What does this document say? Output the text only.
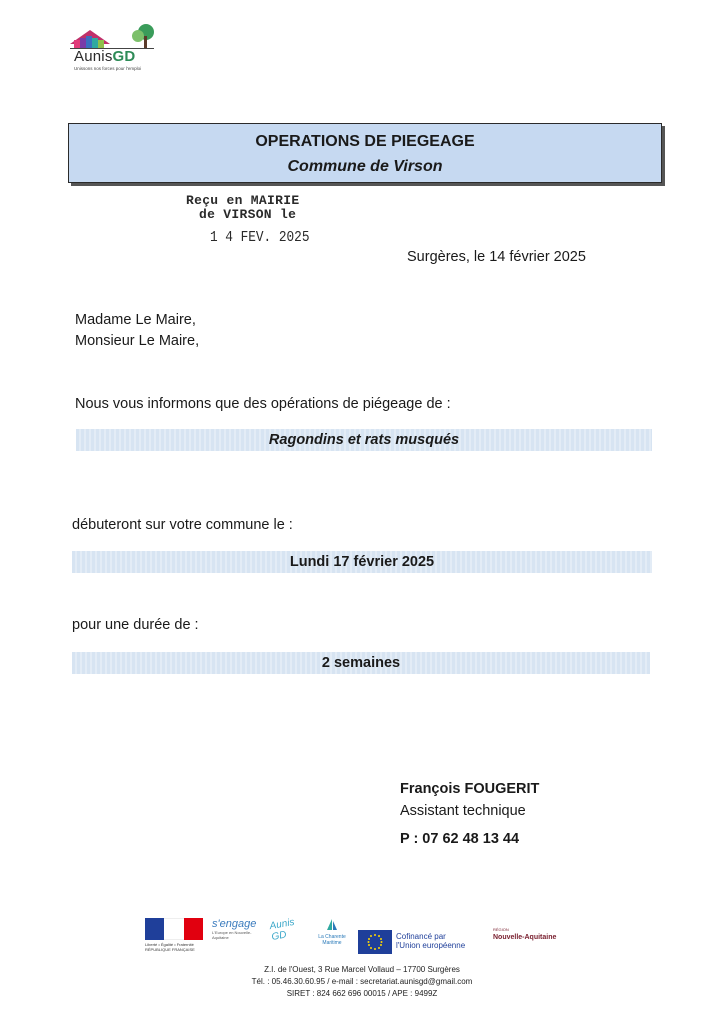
AunisGD
Unissons nos forces pour l'emploi
OPERATIONS DE PIEGEAGE
Commune de Virson
Reçu en MAIRIE
de VIRSON le
1 4 FEV. 2025
Surgères, le 14 février 2025
Madame Le Maire,
Monsieur Le Maire,
Nous vous informons que des opérations de piégeage de :
Ragondins et rats musqués
débuteront sur votre commune le :
Lundi 17 février 2025
pour une durée de :
2 semaines
François FOUGERIT
Assistant technique
P : 07 62 48 13 44
Liberté • Égalité • Fraternité RÉPUBLIQUE FRANÇAISE
s'engage
L'Europe en Nouvelle-Aquitaine
Aunis GD	La Charente Maritime
Cofinancé par
l'Union européenne
RÉGION
Nouvelle-Aquitaine
Z.I. de l'Ouest, 3 Rue Marcel Vollaud – 17700 Surgères
Tél. : 05.46.30.60.95 / e-mail : secretariat.aunisgd@gmail.com
SIRET : 824 662 696 00015 / APE : 9499Z
